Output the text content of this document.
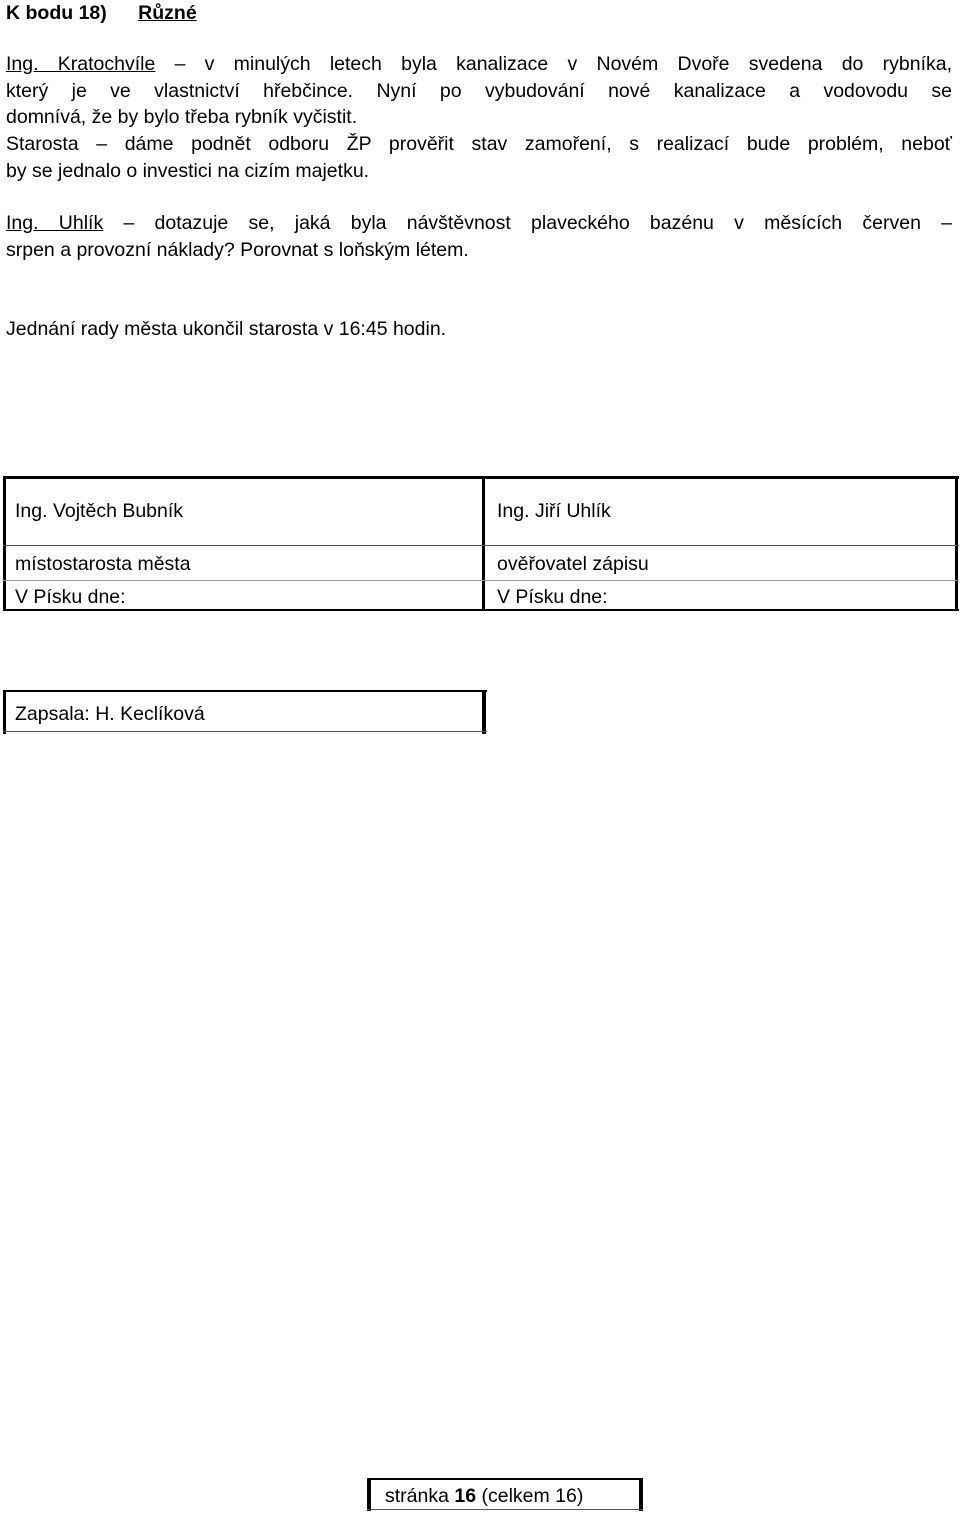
K bodu 18) Různé
Ing. Kratochvíle – v minulých letech byla kanalizace v Novém Dvoře svedena do rybníka,
který je ve vlastnictví hřebčince. Nyní po vybudování nové kanalizace a vodovodu se
domnívá, že by bylo třeba rybník vyčistit.
Starosta – dáme podnět odboru ŽP prověřit stav zamoření, s realizací bude problém, neboť
by se jednalo o investici na cizím majetku.
Ing. Uhlík – dotazuje se, jaká byla návštěvnost plaveckého bazénu v měsících červen –
srpen a provozní náklady? Porovnat s loňským létem.
Jednání rady města ukončil starosta v 16:45 hodin.
Ing. Vojtěch Bubník
místostarosta města
V Písku dne:
Ing. Jiří Uhlík
ověřovatel zápisu
V Písku dne:
Zapsala: H. Keclíková
stránka 16 (celkem 16)
